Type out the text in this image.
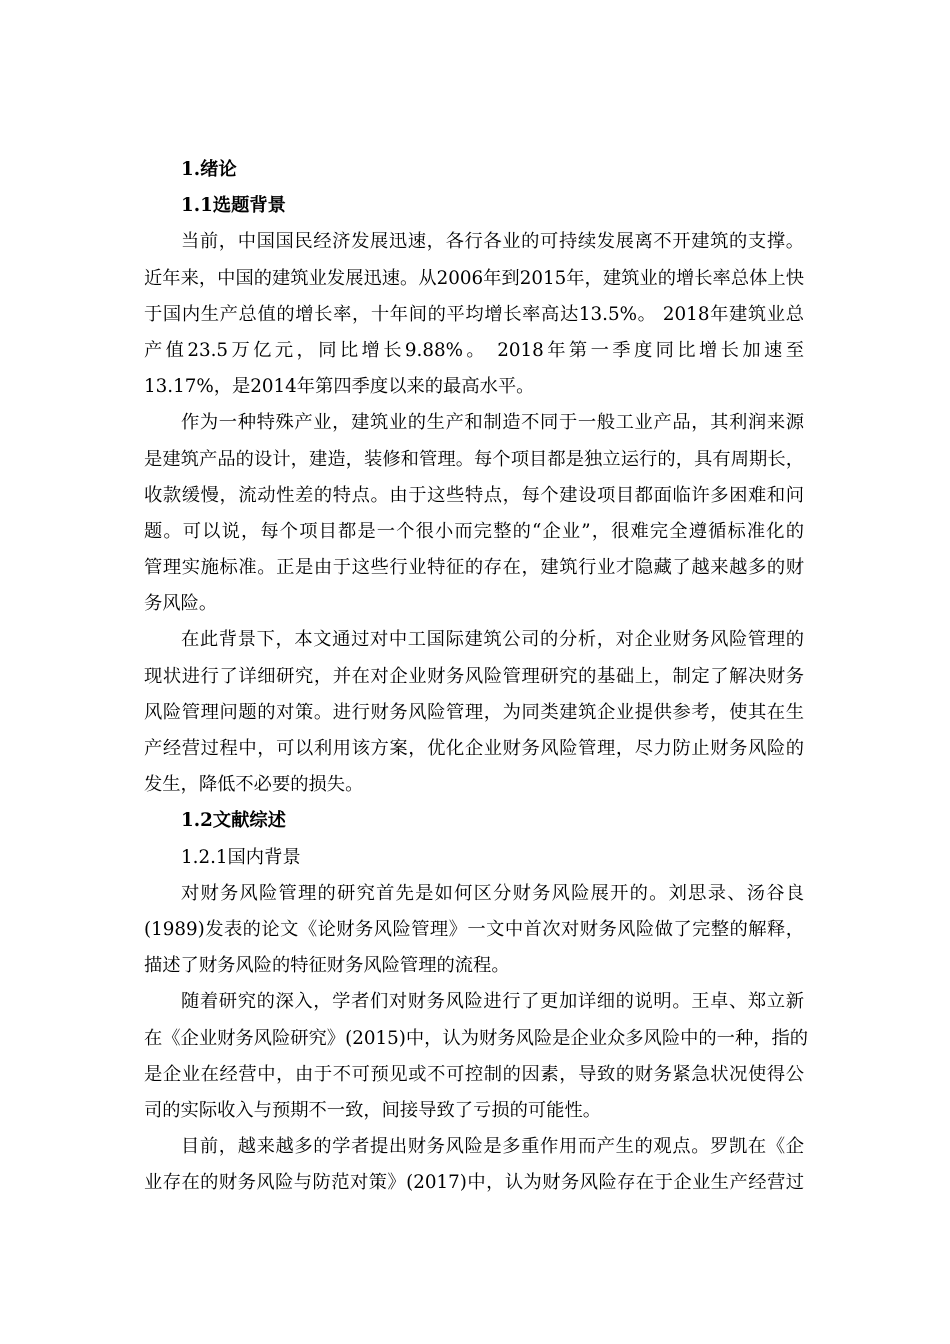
1.绪论
1.1选题背景
当前，中国国民经济发展迅速，各行各业的可持续发展离不开建筑的支撑。
近年来，中国的建筑业发展迅速。从2006年到2015年，建筑业的增长率总体上快
于国内生产总值的增长率，十年间的平均增长率高达13.5%。 2018年建筑业总
产值23.5万亿元，同比增长9.88%。 2018年第一季度同比增长加速至
13.17%，是2014年第四季度以来的最高水平。
作为一种特殊产业，建筑业的生产和制造不同于一般工业产品，其利润来源
是建筑产品的设计，建造，装修和管理。每个项目都是独立运行的，具有周期长，
收款缓慢，流动性差的特点。由于这些特点，每个建设项目都面临许多困难和问
题。可以说，每个项目都是一个很小而完整的“企业”，很难完全遵循标准化的
管理实施标准。正是由于这些行业特征的存在，建筑行业才隐藏了越来越多的财
务风险。
在此背景下，本文通过对中工国际建筑公司的分析，对企业财务风险管理的
现状进行了详细研究，并在对企业财务风险管理研究的基础上，制定了解决财务
风险管理问题的对策。进行财务风险管理，为同类建筑企业提供参考，使其在生
产经营过程中，可以利用该方案，优化企业财务风险管理，尽力防止财务风险的
发生，降低不必要的损失。
1.2文献综述
1.2.1国内背景
对财务风险管理的研究首先是如何区分财务风险展开的。刘思录、汤谷良
(1989)发表的论文《论财务风险管理》一文中首次对财务风险做了完整的解释，
描述了财务风险的特征财务风险管理的流程。
随着研究的深入，学者们对财务风险进行了更加详细的说明。王卓、郑立新
在《企业财务风险研究》(2015)中，认为财务风险是企业众多风险中的一种，指的
是企业在经营中，由于不可预见或不可控制的因素，导致的财务紧急状况使得公
司的实际收入与预期不一致，间接导致了亏损的可能性。
目前，越来越多的学者提出财务风险是多重作用而产生的观点。罗凯在《企
业存在的财务风险与防范对策》(2017)中，认为财务风险存在于企业生产经营过
